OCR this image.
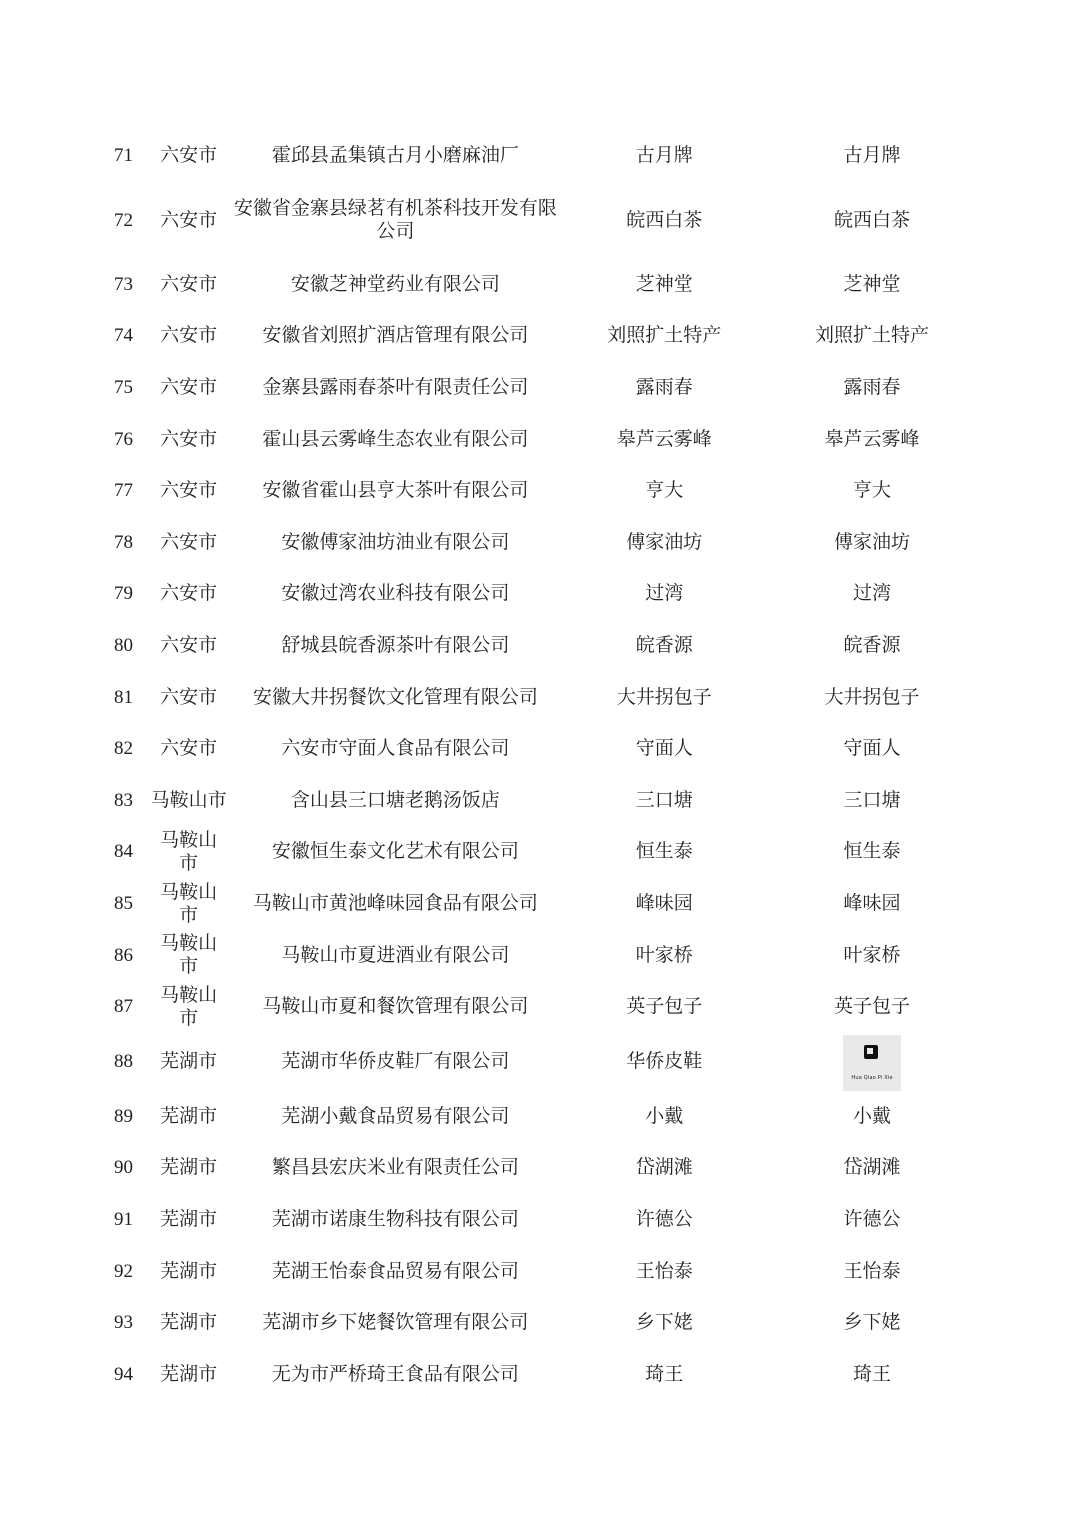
71	六安市	霍邱县孟集镇古月小磨麻油厂	古月牌	古月牌
72	六安市	安徽省金寨县绿茗有机茶科技开发有限公司	皖西白茶	皖西白茶
73	六安市	安徽芝神堂药业有限公司	芝神堂	芝神堂
74	六安市	安徽省刘照扩酒店管理有限公司	刘照扩土特产	刘照扩土特产
75	六安市	金寨县露雨春茶叶有限责任公司	露雨春	露雨春
76	六安市	霍山县云雾峰生态农业有限公司	皋芦云雾峰	皋芦云雾峰
77	六安市	安徽省霍山县亨大茶叶有限公司	亨大	亨大
78	六安市	安徽傅家油坊油业有限公司	傅家油坊	傅家油坊
79	六安市	安徽过湾农业科技有限公司	过湾	过湾
80	六安市	舒城县皖香源茶叶有限公司	皖香源	皖香源
81	六安市	安徽大井拐餐饮文化管理有限公司	大井拐包子	大井拐包子
82	六安市	六安市守面人食品有限公司	守面人	守面人
83	马鞍山市	含山县三口塘老鹅汤饭店	三口塘	三口塘
84	马鞍山市	安徽恒生泰文化艺术有限公司	恒生泰	恒生泰
85	马鞍山市	马鞍山市黄池峰味园食品有限公司	峰味园	峰味园
86	马鞍山市	马鞍山市夏进酒业有限公司	叶家桥	叶家桥
87	马鞍山市	马鞍山市夏和餐饮管理有限公司	英子包子	英子包子
88	芜湖市	芜湖市华侨皮鞋厂有限公司	华侨皮鞋	Hua Qiao Pi Xie

89	芜湖市	芜湖小戴食品贸易有限公司	小戴	小戴
90	芜湖市	繁昌县宏庆米业有限责任公司	岱湖滩	岱湖滩
91	芜湖市	芜湖市诺康生物科技有限公司	许德公	许德公
92	芜湖市	芜湖王怡泰食品贸易有限公司	王怡泰	王怡泰
93	芜湖市	芜湖市乡下姥餐饮管理有限公司	乡下姥	乡下姥
94	芜湖市	无为市严桥琦王食品有限公司	琦王	琦王
